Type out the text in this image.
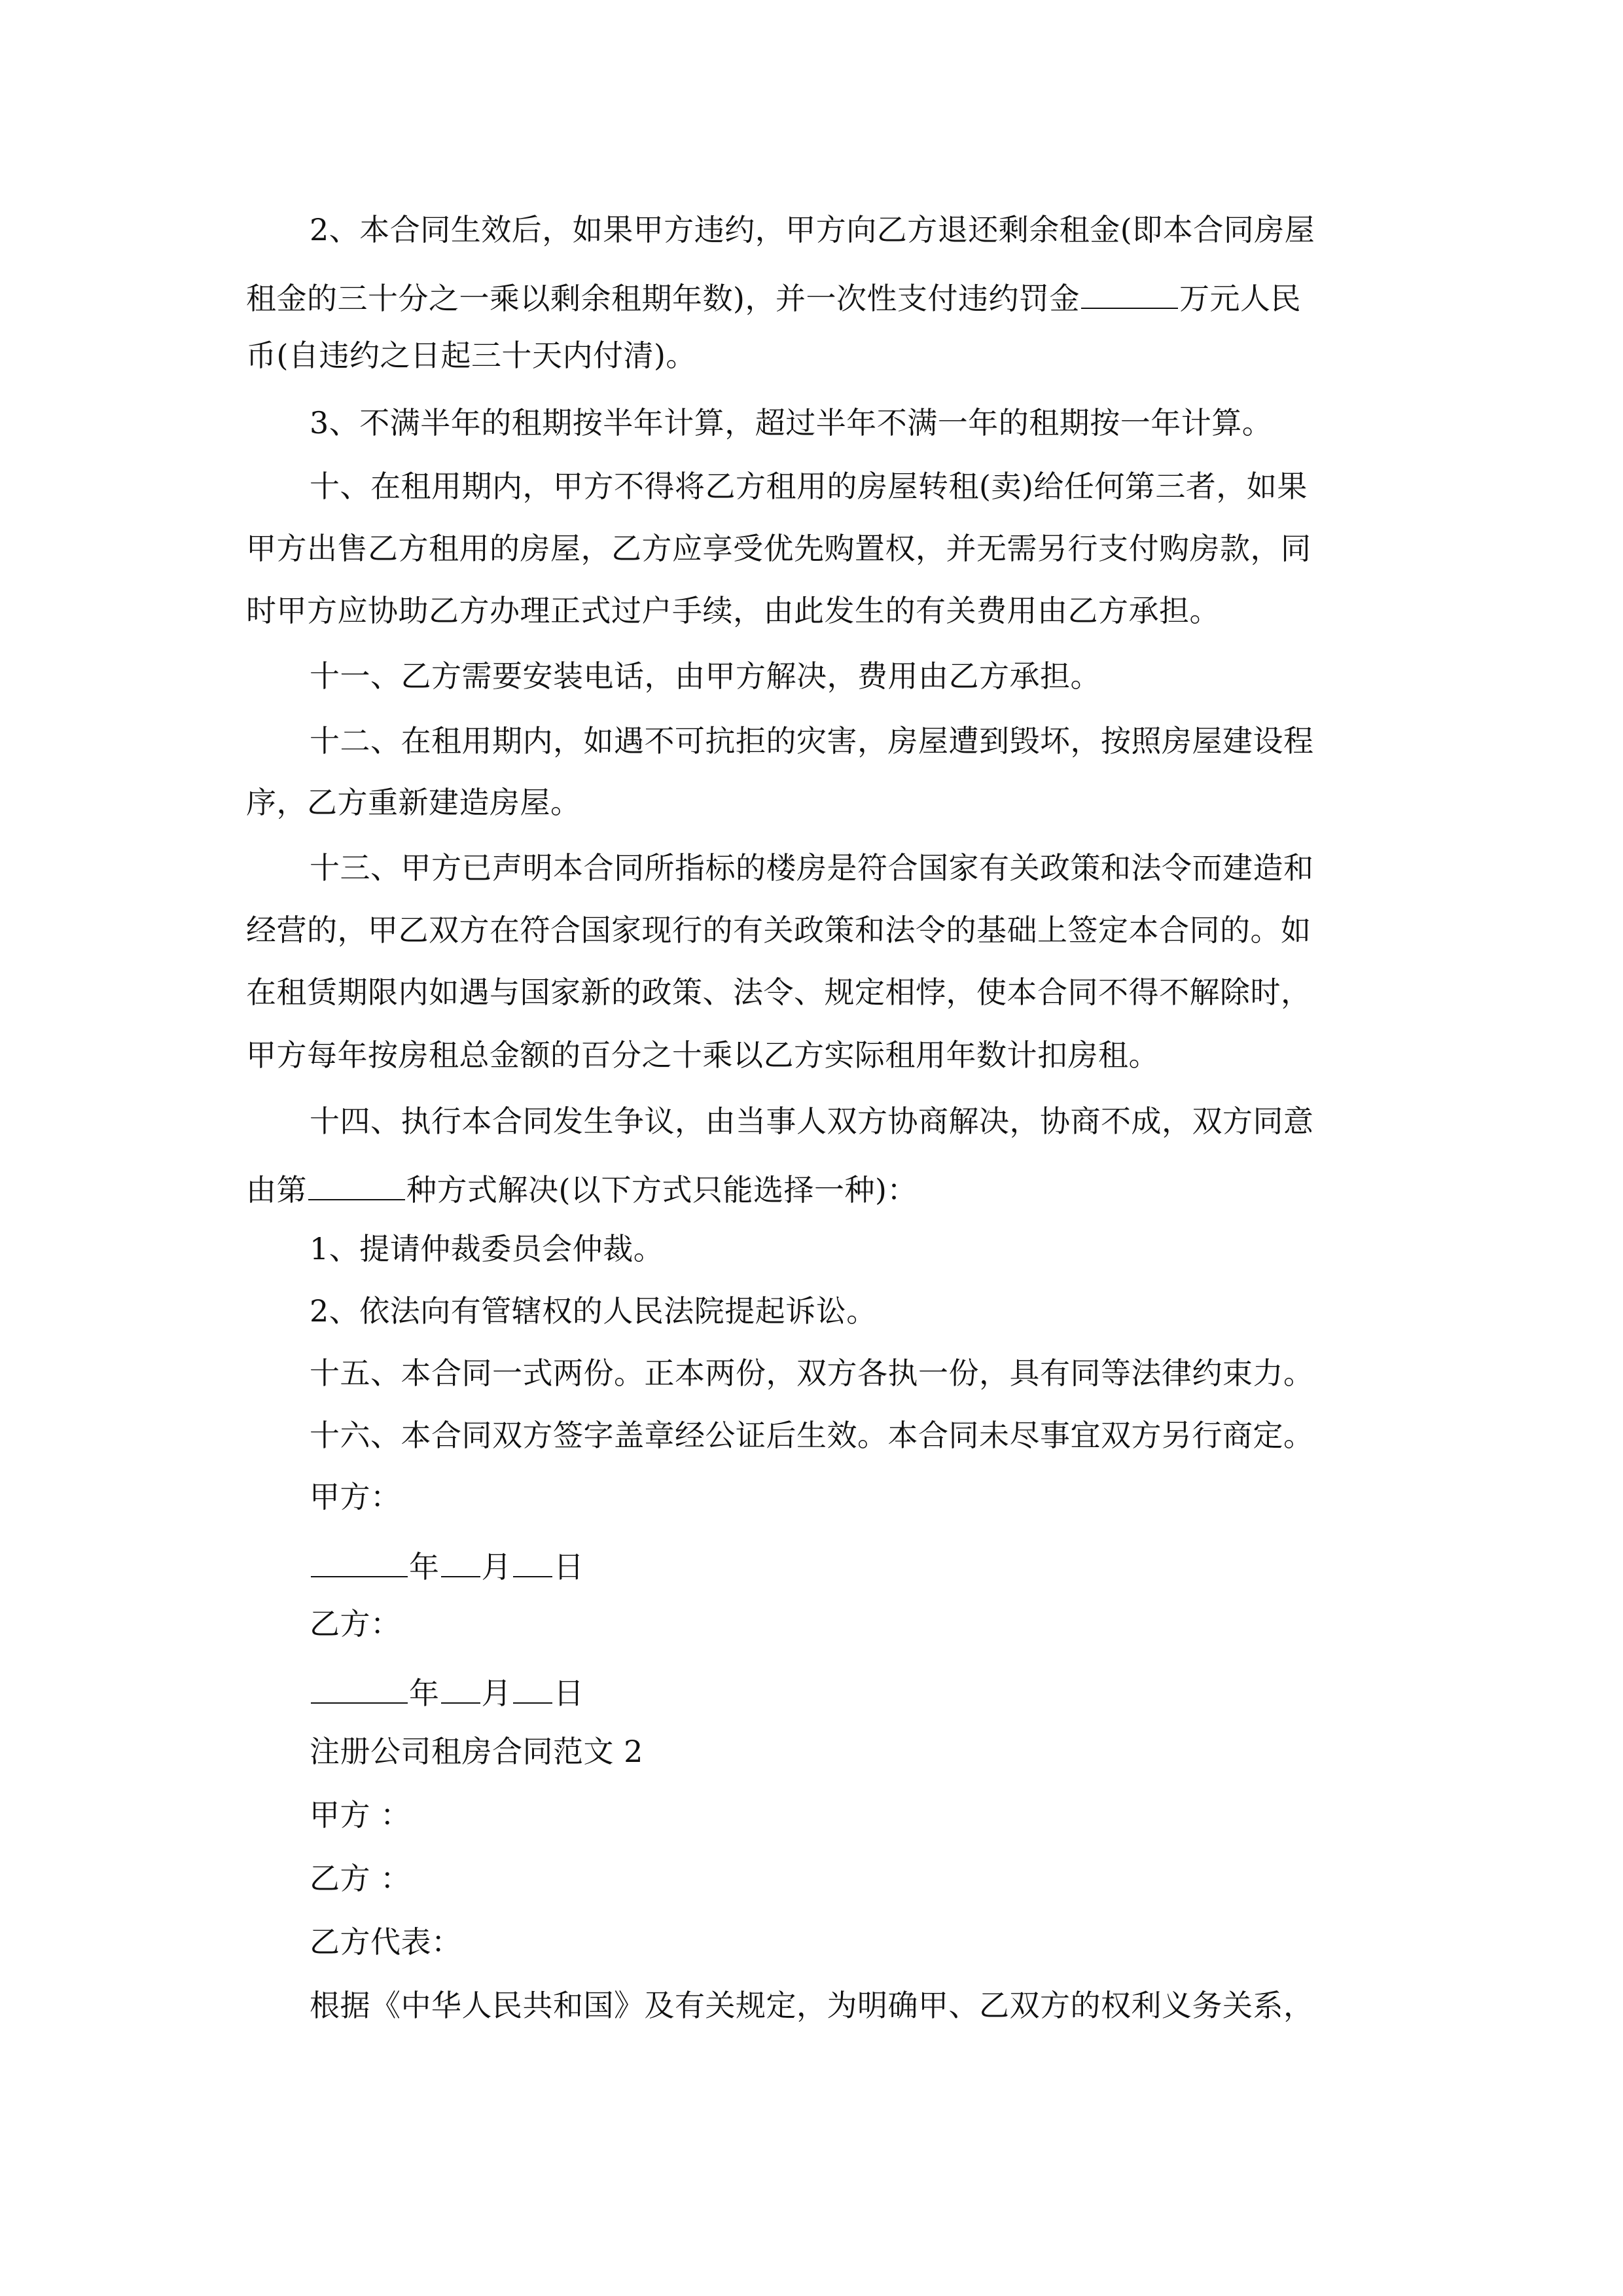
2、本合同生效后，如果甲方违约，甲方向乙方退还剩余租金(即本合同房屋
租金的三十分之一乘以剩余租期年数)，并一次性支付违约罚金	万元人民
币(自违约之日起三十天内付清)。
3、不满半年的租期按半年计算，超过半年不满一年的租期按一年计算。
十、在租用期内，甲方不得将乙方租用的房屋转租(卖)给任何第三者，如果
甲方出售乙方租用的房屋，乙方应享受优先购置权，并无需另行支付购房款，同
时甲方应协助乙方办理正式过户手续，由此发生的有关费用由乙方承担。
十一、乙方需要安装电话，由甲方解决，费用由乙方承担。
十二、在租用期内，如遇不可抗拒的灾害，房屋遭到毁坏，按照房屋建设程
序，乙方重新建造房屋。
十三、甲方已声明本合同所指标的楼房是符合国家有关政策和法令而建造和
经营的，甲乙双方在符合国家现行的有关政策和法令的基础上签定本合同的。如
在租赁期限内如遇与国家新的政策、法令、规定相悖，使本合同不得不解除时，
甲方每年按房租总金额的百分之十乘以乙方实际租用年数计扣房租。
十四、执行本合同发生争议，由当事人双方协商解决，协商不成，双方同意
由第	种方式解决(以下方式只能选择一种)：
1、提请仲裁委员会仲裁。
2、依法向有管辖权的人民法院提起诉讼。
十五、本合同一式两份。正本两份，双方各执一份，具有同等法律约束力。
十六、本合同双方签字盖章经公证后生效。本合同未尽事宜双方另行商定。
甲方：
年 月 日
乙方：
年 月 日
注册公司租房合同范文 2
甲方 ：
乙方 ：
乙方代表：
根据《中华人民共和国》及有关规定，为明确甲、乙双方的权利义务关系，
